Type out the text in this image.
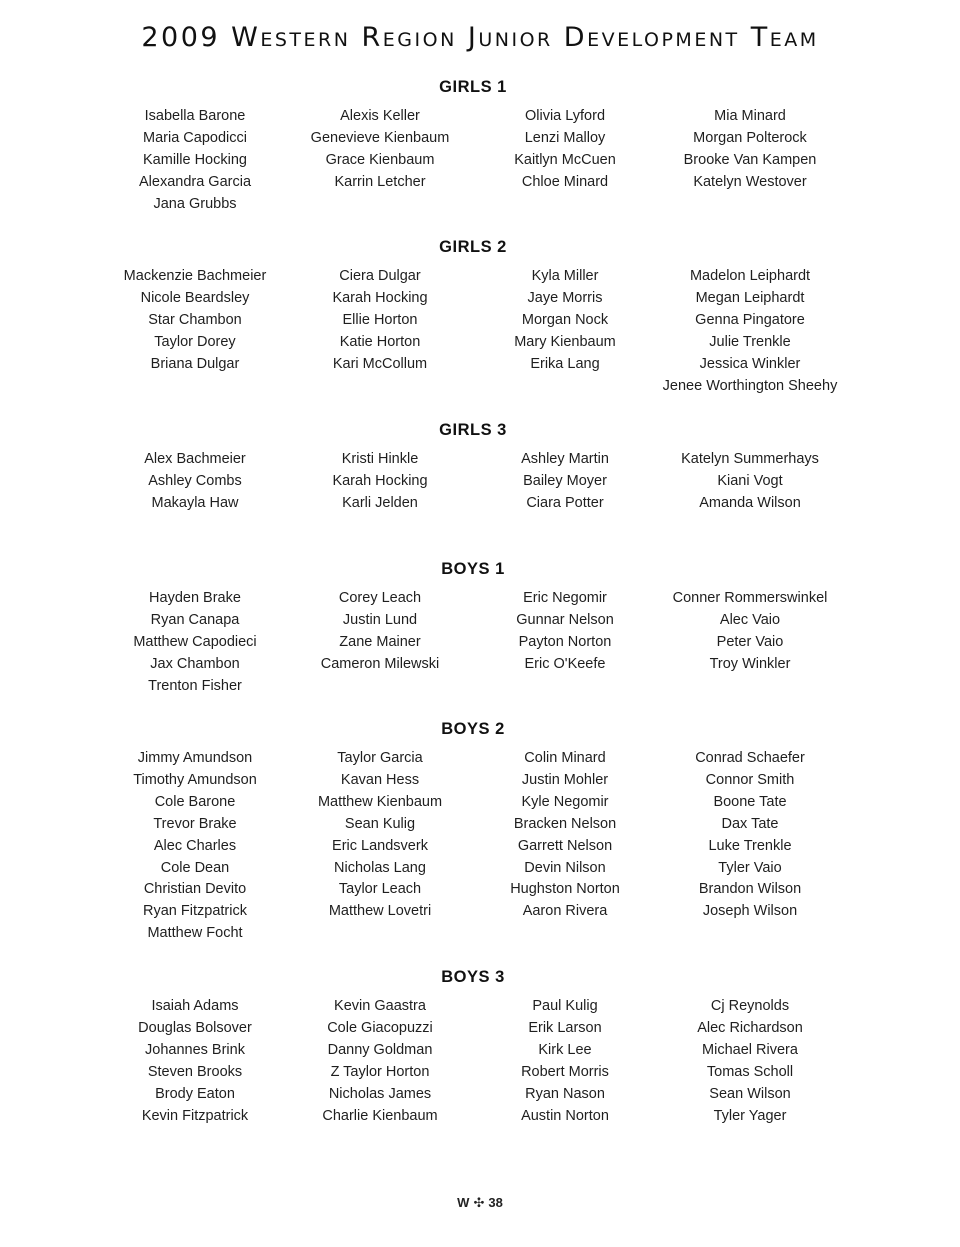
2009 Western Region Junior Development Team
GIRLS 1
Isabella Barone
Maria Capodicci
Kamille Hocking
Alexandra Garcia
Jana Grubbs
Alexis Keller
Genevieve Kienbaum
Grace Kienbaum
Karrin Letcher
Olivia Lyford
Lenzi Malloy
Kaitlyn McCuen
Chloe Minard
Mia Minard
Morgan Polterock
Brooke Van Kampen
Katelyn Westover
GIRLS 2
Mackenzie Bachmeier
Nicole Beardsley
Star Chambon
Taylor Dorey
Briana Dulgar
Ciera Dulgar
Karah Hocking
Ellie Horton
Katie Horton
Kari McCollum
Kyla Miller
Jaye Morris
Morgan Nock
Mary Kienbaum
Erika Lang
Madelon Leiphardt
Megan Leiphardt
Genna Pingatore
Julie Trenkle
Jessica Winkler
Jenee Worthington Sheehy
GIRLS 3
Alex Bachmeier
Ashley Combs
Makayla Haw
Kristi Hinkle
Karah Hocking
Karli Jelden
Ashley Martin
Bailey Moyer
Ciara Potter
Katelyn Summerhays
Kiani Vogt
Amanda Wilson
BOYS 1
Hayden Brake
Ryan Canapa
Matthew Capodieci
Jax Chambon
Trenton Fisher
Corey Leach
Justin Lund
Zane Mainer
Cameron Milewski
Eric Negomir
Gunnar Nelson
Payton Norton
Eric O'Keefe
Conner Rommerswinkel
Alec Vaio
Peter Vaio
Troy Winkler
BOYS 2
Jimmy Amundson
Timothy Amundson
Cole Barone
Trevor Brake
Alec Charles
Cole Dean
Christian Devito
Ryan Fitzpatrick
Matthew Focht
Taylor Garcia
Kavan Hess
Matthew Kienbaum
Sean Kulig
Eric Landsverk
Nicholas Lang
Taylor Leach
Matthew Lovetri
Colin Minard
Justin Mohler
Kyle Negomir
Bracken Nelson
Garrett Nelson
Devin Nilson
Hughston Norton
Aaron Rivera
Conrad Schaefer
Connor Smith
Boone Tate
Dax Tate
Luke Trenkle
Tyler Vaio
Brandon Wilson
Joseph Wilson
BOYS 3
Isaiah Adams
Douglas Bolsover
Johannes Brink
Steven Brooks
Brody Eaton
Kevin Fitzpatrick
Kevin Gaastra
Cole Giacopuzzi
Danny Goldman
Z Taylor Horton
Nicholas James
Charlie Kienbaum
Paul Kulig
Erik Larson
Kirk Lee
Robert Morris
Ryan Nason
Austin Norton
Cj Reynolds
Alec Richardson
Michael Rivera
Tomas Scholl
Sean Wilson
Tyler Yager
W ✣ 38
